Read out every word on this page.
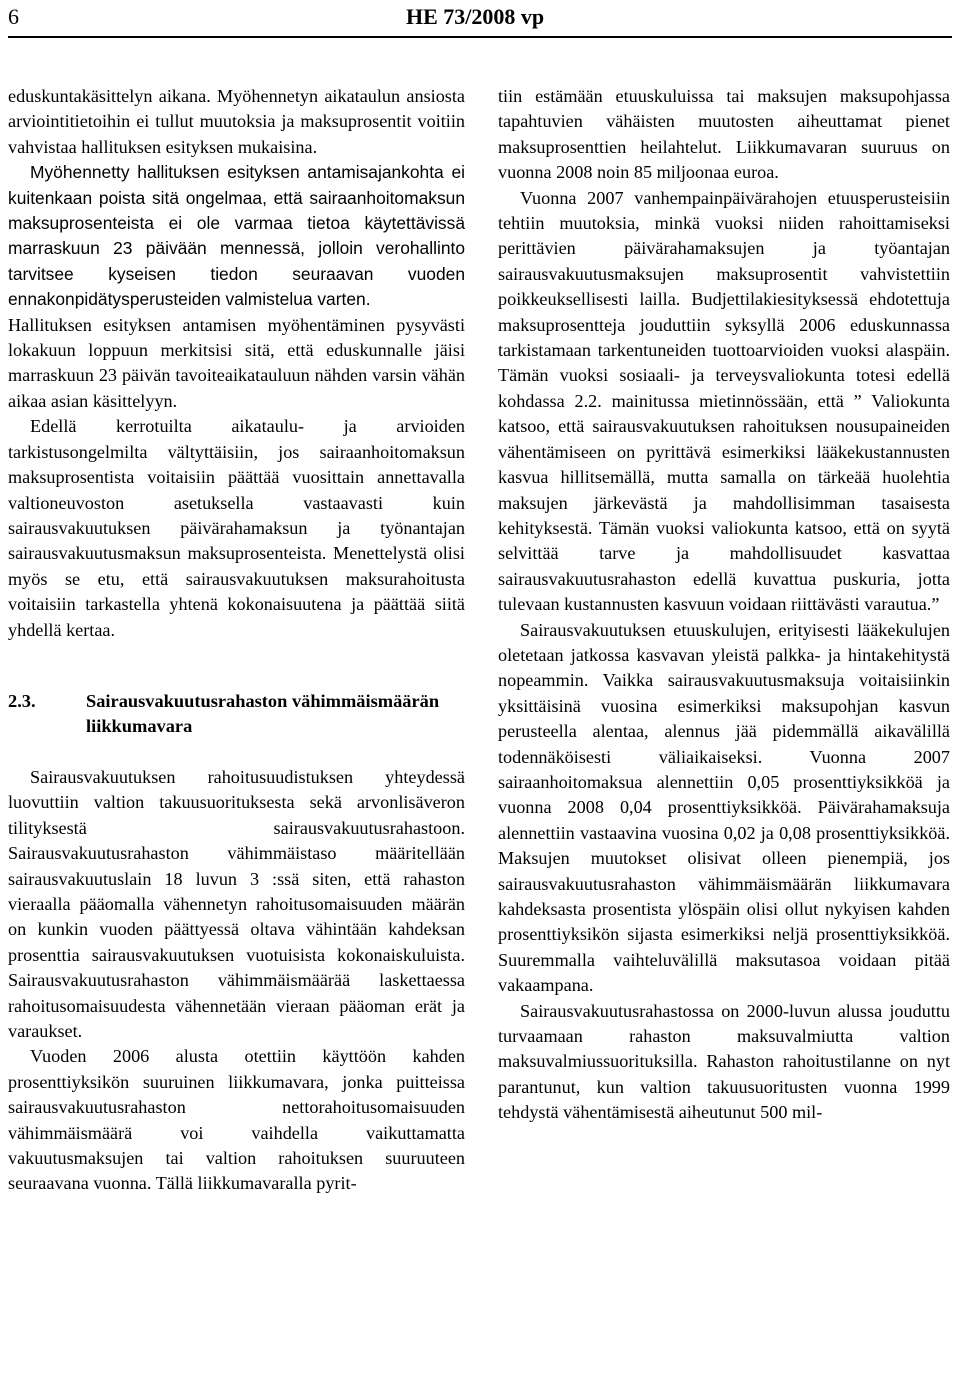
6	HE 73/2008 vp

eduskuntakäsittelyn aikana. Myöhennetyn aikataulun ansiosta arviointitietoihin ei tullut muutoksia ja maksuprosentit voitiin vahvistaa hallituksen esityksen mukaisina.

Myöhennetty hallituksen esityksen antamisajankohta ei kuitenkaan poista sitä ongelmaa, että sairaanhoitomaksun maksuprosenteista ei ole varmaa tietoa käytettävissä marraskuun 23 päivään mennessä, jolloin verohallinto tarvitsee kyseisen tiedon seuraavan vuoden ennakonpidätysperusteiden valmistelua varten.

Hallituksen esityksen antamisen myöhentäminen pysyvästi lokakuun loppuun merkitsisi sitä, että eduskunnalle jäisi marraskuun 23 päivän tavoiteaikatauluun nähden varsin vähän aikaa asian käsittelyyn.

Edellä kerrotuilta aikataulu- ja arvioiden tarkistusongelmilta vältyttäisiin, jos sairaanhoitomaksun maksuprosentista voitaisiin päättää vuosittain annettavalla valtioneuvoston asetuksella vastaavasti kuin sairausvakuutuksen päivärahamaksun ja työnantajan sairausvakuutusmaksun maksuprosenteista. Menettelystä olisi myös se etu, että sairausvakuutuksen maksurahoitusta voitaisiin tarkastella yhtenä kokonaisuutena ja päättää siitä yhdellä kertaa.

2.3.	Sairausvakuutusrahaston vähimmäismäärän liikkumavara

Sairausvakuutuksen rahoitusuudistuksen yhteydessä luovuttiin valtion takuusuorituksesta sekä arvonlisäveron tilityksestä sairausvakuutusrahastoon. Sairausvakuutusrahaston vähimmäistaso määritellään sairausvakuutuslain 18 luvun 3 :ssä siten, että rahaston vieraalla pääomalla vähennetyn rahoitusomaisuuden määrän on kunkin vuoden päättyessä oltava vähintään kahdeksan prosenttia sairausvakuutuksen vuotuisista kokonaiskuluista. Sairausvakuutusrahaston vähimmäismäärää laskettaessa rahoitusomaisuudesta vähennetään vieraan pääoman erät ja varaukset.

Vuoden 2006 alusta otettiin käyttöön kahden prosenttiyksikön suuruinen liikkumavara, jonka puitteissa sairausvakuutusrahaston nettorahoitusomaisuuden vähimmäismäärä voi vaihdella vaikuttamatta vakuutusmaksujen tai valtion rahoituksen suuruuteen seuraavana vuonna. Tällä liikkumavaralla pyrit-

tiin estämään etuuskuluissa tai maksujen maksupohjassa tapahtuvien vähäisten muutosten aiheuttamat pienet maksuprosenttien heilahtelut. Liikkumavaran suuruus on vuonna 2008 noin 85 miljoonaa euroa.

Vuonna 2007 vanhempainpäivärahojen etuusperusteisiin tehtiin muutoksia, minkä vuoksi niiden rahoittamiseksi perittävien päivärahamaksujen ja työantajan sairausvakuutusmaksujen maksuprosentit vahvistettiin poikkeuksellisesti lailla. Budjettilakiesityksessä ehdotettuja maksuprosentteja jouduttiin syksyllä 2006 eduskunnassa tarkistamaan tarkentuneiden tuottoarvioiden vuoksi alaspäin. Tämän vuoksi sosiaali- ja terveysvaliokunta totesi edellä kohdassa 2.2. mainitussa mietinnössään, että ” Valiokunta katsoo, että sairausvakuutuksen rahoituksen nousupaineiden vähentämiseen on pyrittävä esimerkiksi lääkekustannusten kasvua hillitsemällä, mutta samalla on tärkeää huolehtia maksujen järkevästä ja mahdollisimman tasaisesta kehityksestä. Tämän vuoksi valiokunta katsoo, että on syytä selvittää tarve ja mahdollisuudet kasvattaa sairausvakuutusrahaston edellä kuvattua puskuria, jotta tulevaan kustannusten kasvuun voidaan riittävästi varautua.”

Sairausvakuutuksen etuuskulujen, erityisesti lääkekulujen oletetaan jatkossa kasvavan yleistä palkka- ja hintakehitystä nopeammin. Vaikka sairausvakuutusmaksuja voitaisiinkin yksittäisinä vuosina esimerkiksi maksupohjan kasvun perusteella alentaa, alennus jää pidemmällä aikavälillä todennäköisesti väliaikaiseksi. Vuonna 2007 sairaanhoitomaksua alennettiin 0,05 prosenttiyksikköä ja vuonna 2008 0,04 prosenttiyksikköä. Päivärahamaksuja alennettiin vastaavina vuosina 0,02 ja 0,08 prosenttiyksikköä. Maksujen muutokset olisivat olleen pienempiä, jos sairausvakuutusrahaston vähimmäismäärän liikkumavara kahdeksasta prosentista ylöspäin olisi ollut nykyisen kahden prosenttiyksikön sijasta esimerkiksi neljä prosenttiyksikköä. Suuremmalla vaihteluvälillä maksutasoa voidaan pitää vakaampana.

Sairausvakuutusrahastossa on 2000-luvun alussa jouduttu turvaamaan rahaston maksuvalmiutta valtion maksuvalmiussuorituksilla. Rahaston rahoitustilanne on nyt parantunut, kun valtion takuusuoritusten vuonna 1999 tehdystä vähentämisestä aiheutunut 500 mil-
